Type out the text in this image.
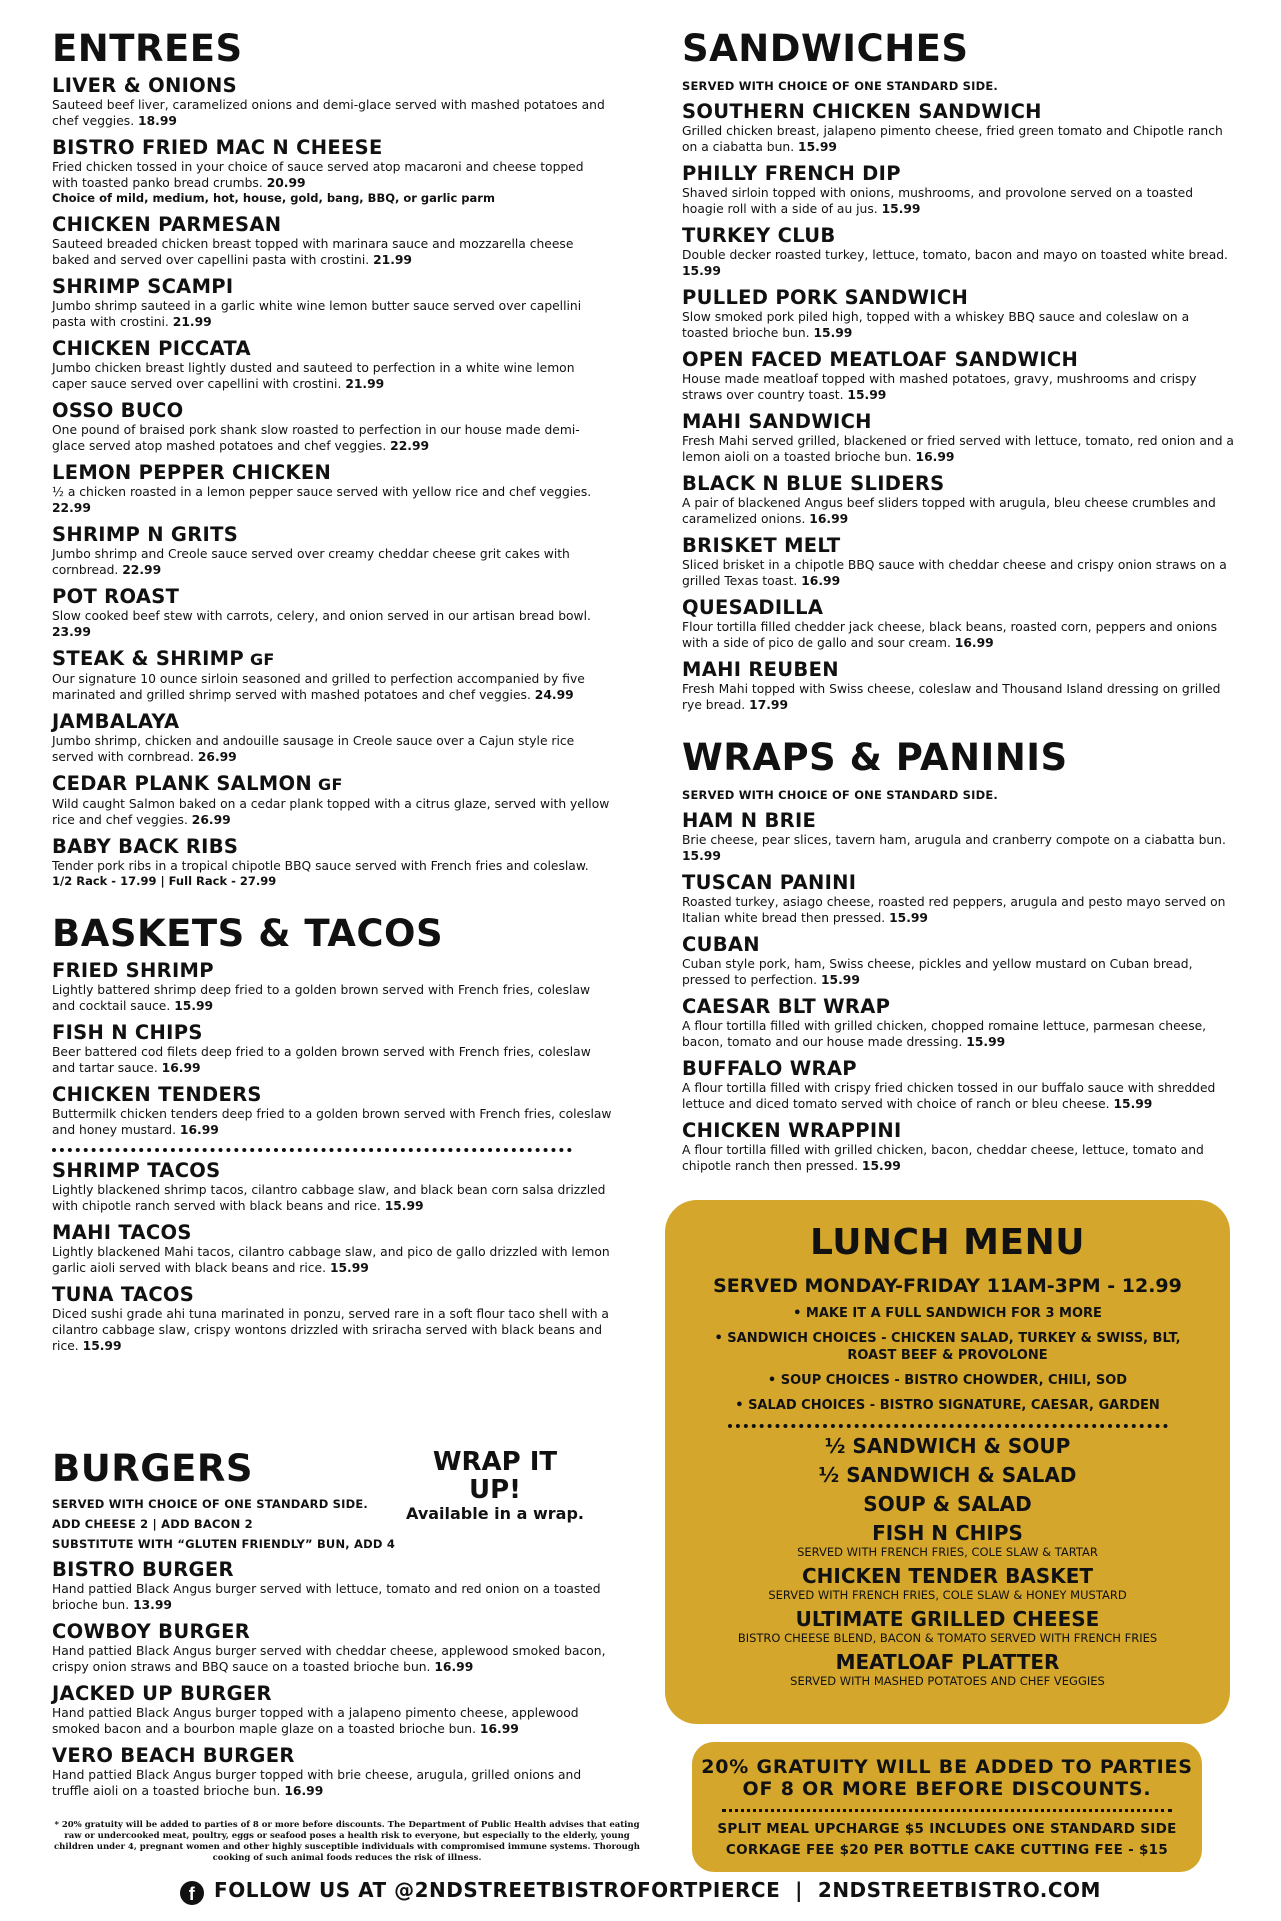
ENTREES
LIVER & ONIONS
Sauteed beef liver, caramelized onions and demi-glace served with mashed potatoes and chef veggies. 18.99
BISTRO FRIED MAC N CHEESE
Fried chicken tossed in your choice of sauce served atop macaroni and cheese topped with toasted panko bread crumbs. 20.99
Choice of mild, medium, hot, house, gold, bang, BBQ, or garlic parm
CHICKEN PARMESAN
Sauteed breaded chicken breast topped with marinara sauce and mozzarella cheese baked and served over capellini pasta with crostini. 21.99
SHRIMP SCAMPI
Jumbo shrimp sauteed in a garlic white wine lemon butter sauce served over capellini pasta with crostini. 21.99
CHICKEN PICCATA
Jumbo chicken breast lightly dusted and sauteed to perfection in a white wine lemon caper sauce served over capellini with crostini. 21.99
OSSO BUCO
One pound of braised pork shank slow roasted to perfection in our house made demi-glace served atop mashed potatoes and chef veggies. 22.99
LEMON PEPPER CHICKEN
½ a chicken roasted in a lemon pepper sauce served with yellow rice and chef veggies. 22.99
SHRIMP N GRITS
Jumbo shrimp and Creole sauce served over creamy cheddar cheese grit cakes with cornbread. 22.99
POT ROAST
Slow cooked beef stew with carrots, celery, and onion served in our artisan bread bowl. 23.99
STEAK & SHRIMP GF
Our signature 10 ounce sirloin seasoned and grilled to perfection accompanied by five marinated and grilled shrimp served with mashed potatoes and chef veggies. 24.99
JAMBALAYA
Jumbo shrimp, chicken and andouille sausage in Creole sauce over a Cajun style rice served with cornbread. 26.99
CEDAR PLANK SALMON GF
Wild caught Salmon baked on a cedar plank topped with a citrus glaze, served with yellow rice and chef veggies. 26.99
BABY BACK RIBS
Tender pork ribs in a tropical chipotle BBQ sauce served with French fries and coleslaw.
1/2 Rack - 17.99 | Full Rack - 27.99
BASKETS & TACOS
FRIED SHRIMP
Lightly battered shrimp deep fried to a golden brown served with French fries, coleslaw and cocktail sauce. 15.99
FISH N CHIPS
Beer battered cod filets deep fried to a golden brown served with French fries, coleslaw and tartar sauce. 16.99
CHICKEN TENDERS
Buttermilk chicken tenders deep fried to a golden brown served with French fries, coleslaw and honey mustard. 16.99
SHRIMP TACOS
Lightly blackened shrimp tacos, cilantro cabbage slaw, and black bean corn salsa drizzled with chipotle ranch served with black beans and rice. 15.99
MAHI TACOS
Lightly blackened Mahi tacos, cilantro cabbage slaw, and pico de gallo drizzled with lemon garlic aioli served with black beans and rice. 15.99
TUNA TACOS
Diced sushi grade ahi tuna marinated in ponzu, served rare in a soft flour taco shell with a cilantro cabbage slaw, crispy wontons drizzled with sriracha served with black beans and rice. 15.99
BURGERS
SERVED WITH CHOICE OF ONE STANDARD SIDE.
ADD CHEESE 2 | ADD BACON 2
SUBSTITUTE WITH “GLUTEN FRIENDLY” BUN, ADD 4
BISTRO BURGER
Hand pattied Black Angus burger served with lettuce, tomato and red onion on a toasted brioche bun. 13.99
COWBOY BURGER
Hand pattied Black Angus burger served with cheddar cheese, applewood smoked bacon, crispy onion straws and BBQ sauce on a toasted brioche bun. 16.99
JACKED UP BURGER
Hand pattied Black Angus burger topped with a jalapeno pimento cheese, applewood smoked bacon and a bourbon maple glaze on a toasted brioche bun. 16.99
VERO BEACH BURGER
Hand pattied Black Angus burger topped with brie cheese, arugula, grilled onions and truffle aioli on a toasted brioche bun. 16.99
WRAP IT UP!
Available in a wrap.
* 20% gratuity will be added to parties of 8 or more before discounts. The Department of Public Health advises that eating raw or undercooked meat, poultry, eggs or seafood poses a health risk to everyone, but especially to the elderly, young children under 4, pregnant women and other highly susceptible individuals with compromised immune systems. Thorough cooking of such animal foods reduces the risk of illness.
SANDWICHES
SERVED WITH CHOICE OF ONE STANDARD SIDE.
SOUTHERN CHICKEN SANDWICH
Grilled chicken breast, jalapeno pimento cheese, fried green tomato and Chipotle ranch on a ciabatta bun. 15.99
PHILLY FRENCH DIP
Shaved sirloin topped with onions, mushrooms, and provolone served on a toasted hoagie roll with a side of au jus. 15.99
TURKEY CLUB
Double decker roasted turkey, lettuce, tomato, bacon and mayo on toasted white bread. 15.99
PULLED PORK SANDWICH
Slow smoked pork piled high, topped with a whiskey BBQ sauce and coleslaw on a toasted brioche bun. 15.99
OPEN FACED MEATLOAF SANDWICH
House made meatloaf topped with mashed potatoes, gravy, mushrooms and crispy straws over country toast. 15.99
MAHI SANDWICH
Fresh Mahi served grilled, blackened or fried served with lettuce, tomato, red onion and a lemon aioli on a toasted brioche bun. 16.99
BLACK N BLUE SLIDERS
A pair of blackened Angus beef sliders topped with arugula, bleu cheese crumbles and caramelized onions. 16.99
BRISKET MELT
Sliced brisket in a chipotle BBQ sauce with cheddar cheese and crispy onion straws on a grilled Texas toast. 16.99
QUESADILLA
Flour tortilla filled chedder jack cheese, black beans, roasted corn, peppers and onions with a side of pico de gallo and sour cream. 16.99
MAHI REUBEN
Fresh Mahi topped with Swiss cheese, coleslaw and Thousand Island dressing on grilled rye bread. 17.99
WRAPS & PANINIS
SERVED WITH CHOICE OF ONE STANDARD SIDE.
HAM N BRIE
Brie cheese, pear slices, tavern ham, arugula and cranberry compote on a ciabatta bun. 15.99
TUSCAN PANINI
Roasted turkey, asiago cheese, roasted red peppers, arugula and pesto mayo served on Italian white bread then pressed. 15.99
CUBAN
Cuban style pork, ham, Swiss cheese, pickles and yellow mustard on Cuban bread, pressed to perfection. 15.99
CAESAR BLT WRAP
A flour tortilla filled with grilled chicken, chopped romaine lettuce, parmesan cheese, bacon, tomato and our house made dressing. 15.99
BUFFALO WRAP
A flour tortilla filled with crispy fried chicken tossed in our buffalo sauce with shredded lettuce and diced tomato served with choice of ranch or bleu cheese. 15.99
CHICKEN WRAPPINI
A flour tortilla filled with grilled chicken, bacon, cheddar cheese, lettuce, tomato and chipotle ranch then pressed. 15.99
LUNCH MENU
SERVED MONDAY-FRIDAY 11AM-3PM - 12.99
• MAKE IT A FULL SANDWICH FOR 3 MORE
• SANDWICH CHOICES - CHICKEN SALAD, TURKEY & SWISS, BLT, ROAST BEEF & PROVOLONE
• SOUP CHOICES - BISTRO CHOWDER, CHILI, SOD
• SALAD CHOICES - BISTRO SIGNATURE, CAESAR, GARDEN
½ SANDWICH & SOUP
½ SANDWICH & SALAD
SOUP & SALAD
FISH N CHIPS
SERVED WITH FRENCH FRIES, COLE SLAW & TARTAR
CHICKEN TENDER BASKET
SERVED WITH FRENCH FRIES, COLE SLAW & HONEY MUSTARD
ULTIMATE GRILLED CHEESE
BISTRO CHEESE BLEND, BACON & TOMATO SERVED WITH FRENCH FRIES
MEATLOAF PLATTER
SERVED WITH MASHED POTATOES AND CHEF VEGGIES
20% GRATUITY WILL BE ADDED TO PARTIES
OF 8 OR MORE BEFORE DISCOUNTS.
SPLIT MEAL UPCHARGE $5 INCLUDES ONE STANDARD SIDE
CORKAGE FEE $20 PER BOTTLE CAKE CUTTING FEE - $15
f FOLLOW US AT @2NDSTREETBISTROFORTPIERCE  |  2NDSTREETBISTRO.COM
